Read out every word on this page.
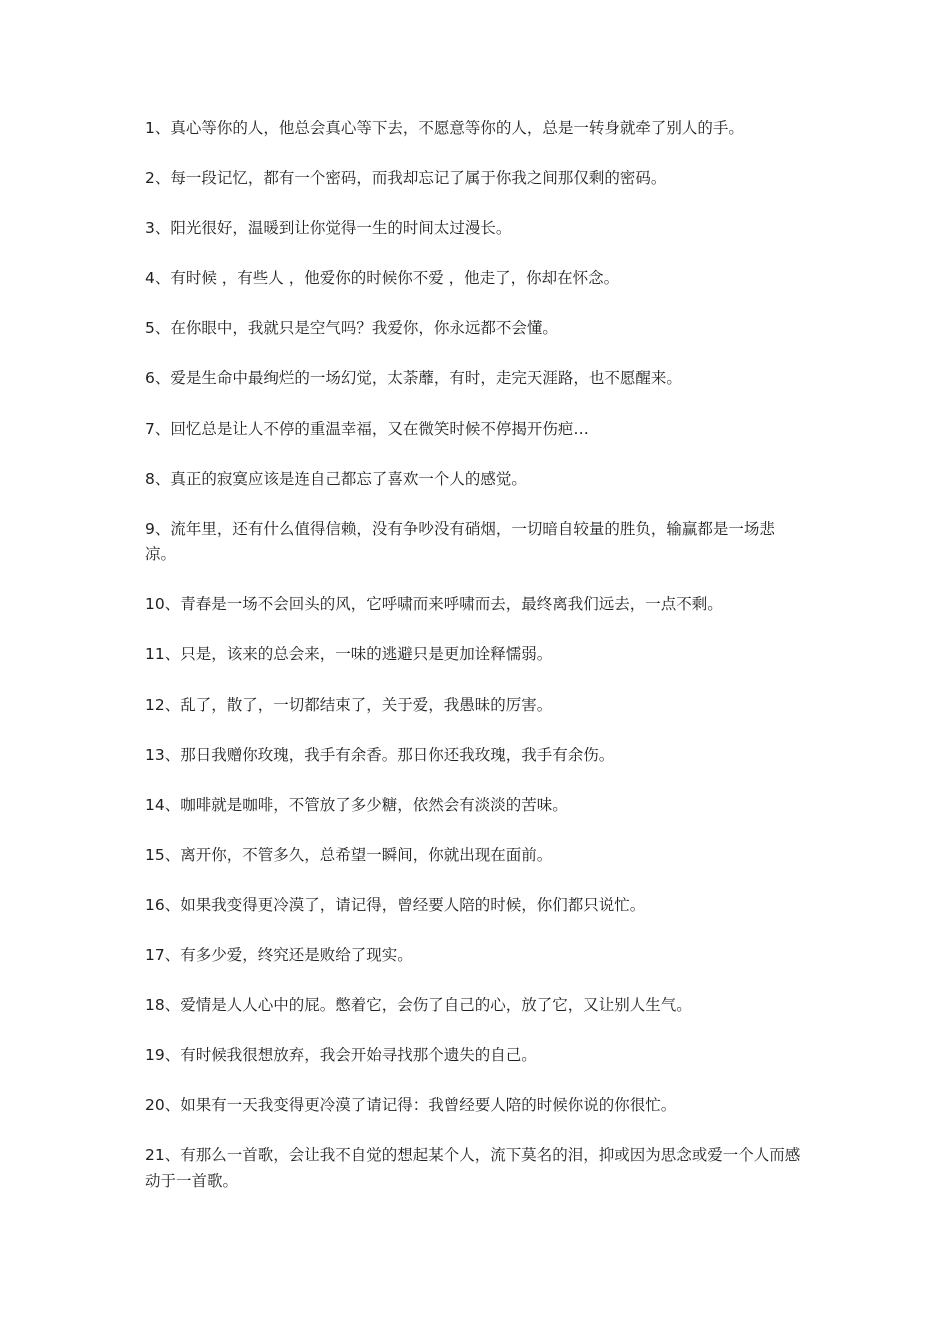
1、真心等你的人，他总会真心等下去，不愿意等你的人，总是一转身就牵了别人的手。

2、每一段记忆，都有一个密码，而我却忘记了属于你我之间那仅剩的密码。

3、阳光很好，温暖到让你觉得一生的时间太过漫长。

4、有时候 ，有些人 ，他爱你的时候你不爱 ，他走了，你却在怀念。

5、在你眼中，我就只是空气吗？我爱你，你永远都不会懂。

6、爱是生命中最绚烂的一场幻觉，太荼蘼，有时，走完天涯路，也不愿醒来。

7、回忆总是让人不停的重温幸福，又在微笑时候不停揭开伤疤…

8、真正的寂寞应该是连自己都忘了喜欢一个人的感觉。

9、流年里，还有什么值得信赖，没有争吵没有硝烟，一切暗自较量的胜负，输赢都是一场悲凉。

10、青春是一场不会回头的风，它呼啸而来呼啸而去，最终离我们远去，一点不剩。

11、只是，该来的总会来，一味的逃避只是更加诠释懦弱。

12、乱了，散了，一切都结束了，关于爱，我愚昧的厉害。

13、那日我赠你玫瑰，我手有余香。那日你还我玫瑰，我手有余伤。

14、咖啡就是咖啡，不管放了多少糖，依然会有淡淡的苦味。

15、离开你，不管多久，总希望一瞬间，你就出现在面前。

16、如果我变得更冷漠了，请记得，曾经要人陪的时候，你们都只说忙。

17、有多少爱，终究还是败给了现实。

18、爱情是人人心中的屁。憋着它，会伤了自己的心，放了它，又让别人生气。

19、有时候我很想放弃，我会开始寻找那个遗失的自己。

20、如果有一天我变得更冷漠了请记得：我曾经要人陪的时候你说的你很忙。

21、有那么一首歌，会让我不自觉的想起某个人，流下莫名的泪，抑或因为思念或爱一个人而感动于一首歌。
